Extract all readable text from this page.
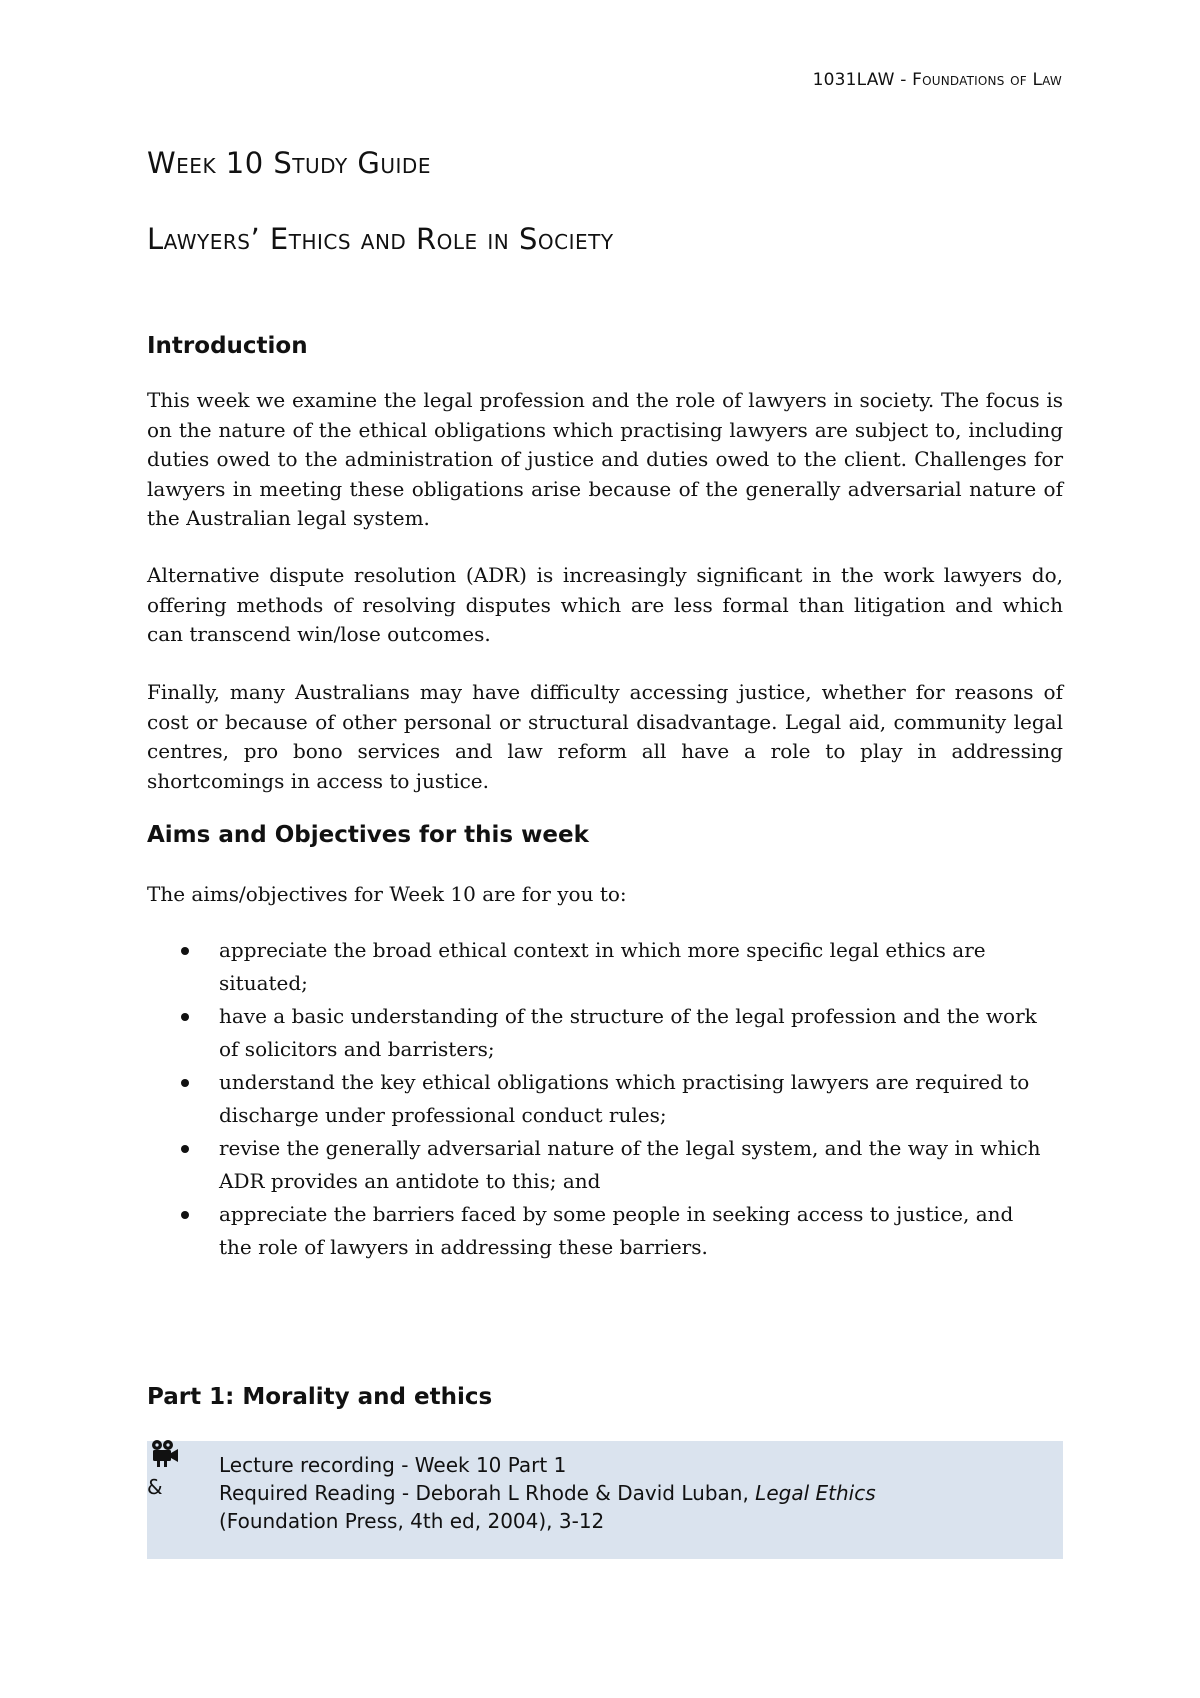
1031LAW - Foundations of Law
Week 10 Study Guide
Lawyers’ Ethics and Role in Society
Introduction
This week we examine the legal profession and the role of lawyers in society. The focus is on the nature of the ethical obligations which practising lawyers are subject to, including duties owed to the administration of justice and duties owed to the client. Challenges for lawyers in meeting these obligations arise because of the generally adversarial nature of the Australian legal system.
Alternative dispute resolution (ADR) is increasingly significant in the work lawyers do, offering methods of resolving disputes which are less formal than litigation and which can transcend win/lose outcomes.
Finally, many Australians may have difficulty accessing justice, whether for reasons of cost or because of other personal or structural disadvantage. Legal aid, community legal centres, pro bono services and law reform all have a role to play in addressing shortcomings in access to justice.
Aims and Objectives for this week
The aims/objectives for Week 10 are for you to:
appreciate the broad ethical context in which more specific legal ethics are situated;
have a basic understanding of the structure of the legal profession and the work of solicitors and barristers;
understand the key ethical obligations which practising lawyers are required to discharge under professional conduct rules;
revise the generally adversarial nature of the legal system, and the way in which ADR provides an antidote to this; and
appreciate the barriers faced by some people in seeking access to justice, and the role of lawyers in addressing these barriers.
Part 1: Morality and ethics
&
Lecture recording - Week 10 Part 1
Required Reading - Deborah L Rhode & David Luban, Legal Ethics
(Foundation Press, 4th ed, 2004), 3-12
